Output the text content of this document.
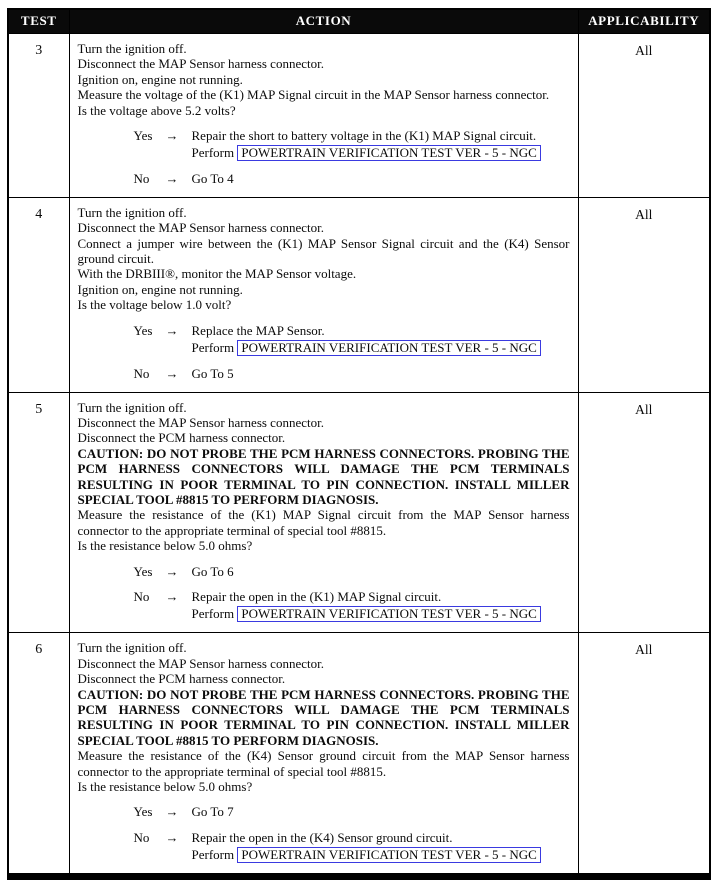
TEST	ACTION	APPLICABILITY
3	Turn the ignition off.
Disconnect the MAP Sensor harness connector.
Ignition on, engine not running.
Measure the voltage of the (K1) MAP Signal circuit in the MAP Sensor harness connector.
Is the voltage above 5.2 volts?
Yes	→	Repair the short to battery voltage in the (K1) MAP Signal circuit.
Perform POWERTRAIN VERIFICATION TEST VER - 5 - NGC
No	→	Go To 4
	All
4	Turn the ignition off.
Disconnect the MAP Sensor harness connector.
Connect a jumper wire between the (K1) MAP Sensor Signal circuit and the (K4) Sensor ground circuit.
With the DRBIII®, monitor the MAP Sensor voltage.
Ignition on, engine not running.
Is the voltage below 1.0 volt?
Yes	→	Replace the MAP Sensor.
Perform POWERTRAIN VERIFICATION TEST VER - 5 - NGC
No	→	Go To 5
	All
5	Turn the ignition off.
Disconnect the MAP Sensor harness connector.
Disconnect the PCM harness connector.
CAUTION: DO NOT PROBE THE PCM HARNESS CONNECTORS. PROBING THE PCM HARNESS CONNECTORS WILL DAMAGE THE PCM TERMINALS RESULTING IN POOR TERMINAL TO PIN CONNECTION. INSTALL MILLER SPECIAL TOOL #8815 TO PERFORM DIAGNOSIS.
Measure the resistance of the (K1) MAP Signal circuit from the MAP Sensor harness connector to the appropriate terminal of special tool #8815.
Is the resistance below 5.0 ohms?
Yes	→	Go To 6
No	→	Repair the open in the (K1) MAP Signal circuit.
Perform POWERTRAIN VERIFICATION TEST VER - 5 - NGC
	All
6	Turn the ignition off.
Disconnect the MAP Sensor harness connector.
Disconnect the PCM harness connector.
CAUTION: DO NOT PROBE THE PCM HARNESS CONNECTORS. PROBING THE PCM HARNESS CONNECTORS WILL DAMAGE THE PCM TERMINALS RESULTING IN POOR TERMINAL TO PIN CONNECTION. INSTALL MILLER SPECIAL TOOL #8815 TO PERFORM DIAGNOSIS.
Measure the resistance of the (K4) Sensor ground circuit from the MAP Sensor harness connector to the appropriate terminal of special tool #8815.
Is the resistance below 5.0 ohms?
Yes	→	Go To 7
No	→	Repair the open in the (K4) Sensor ground circuit.
Perform POWERTRAIN VERIFICATION TEST VER - 5 - NGC
	All
